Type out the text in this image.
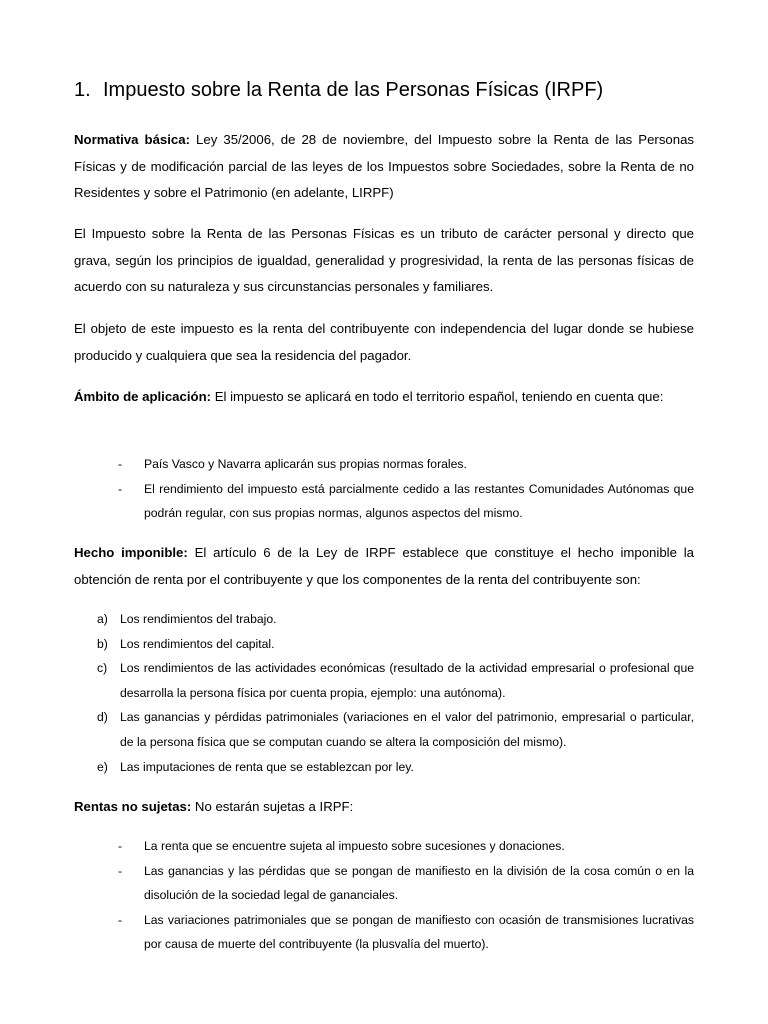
1. Impuesto sobre la Renta de las Personas Físicas (IRPF)

Normativa básica: Ley 35/2006, de 28 de noviembre, del Impuesto sobre la Renta de las Personas Físicas y de modificación parcial de las leyes de los Impuestos sobre Sociedades, sobre la Renta de no Residentes y sobre el Patrimonio (en adelante, LIRPF)

El Impuesto sobre la Renta de las Personas Físicas es un tributo de carácter personal y directo que grava, según los principios de igualdad, generalidad y progresividad, la renta de las personas físicas de acuerdo con su naturaleza y sus circunstancias personales y familiares.

El objeto de este impuesto es la renta del contribuyente con independencia del lugar donde se hubiese producido y cualquiera que sea la residencia del pagador.

Ámbito de aplicación: El impuesto se aplicará en todo el territorio español, teniendo en cuenta que:

- País Vasco y Navarra aplicarán sus propias normas forales.
- El rendimiento del impuesto está parcialmente cedido a las restantes Comunidades Autónomas que podrán regular, con sus propias normas, algunos aspectos del mismo.

Hecho imponible: El artículo 6 de la Ley de IRPF establece que constituye el hecho imponible la obtención de renta por el contribuyente y que los componentes de la renta del contribuyente son:

a) Los rendimientos del trabajo.
b) Los rendimientos del capital.
c) Los rendimientos de las actividades económicas (resultado de la actividad empresarial o profesional que desarrolla la persona física por cuenta propia, ejemplo: una autónoma).
d) Las ganancias y pérdidas patrimoniales (variaciones en el valor del patrimonio, empresarial o particular, de la persona física que se computan cuando se altera la composición del mismo).
e) Las imputaciones de renta que se establezcan por ley.

Rentas no sujetas: No estarán sujetas a IRPF:

- La renta que se encuentre sujeta al impuesto sobre sucesiones y donaciones.
- Las ganancias y las pérdidas que se pongan de manifiesto en la división de la cosa común o en la disolución de la sociedad legal de gananciales.
- Las variaciones patrimoniales que se pongan de manifiesto con ocasión de transmisiones lucrativas por causa de muerte del contribuyente (la plusvalía del muerto).
